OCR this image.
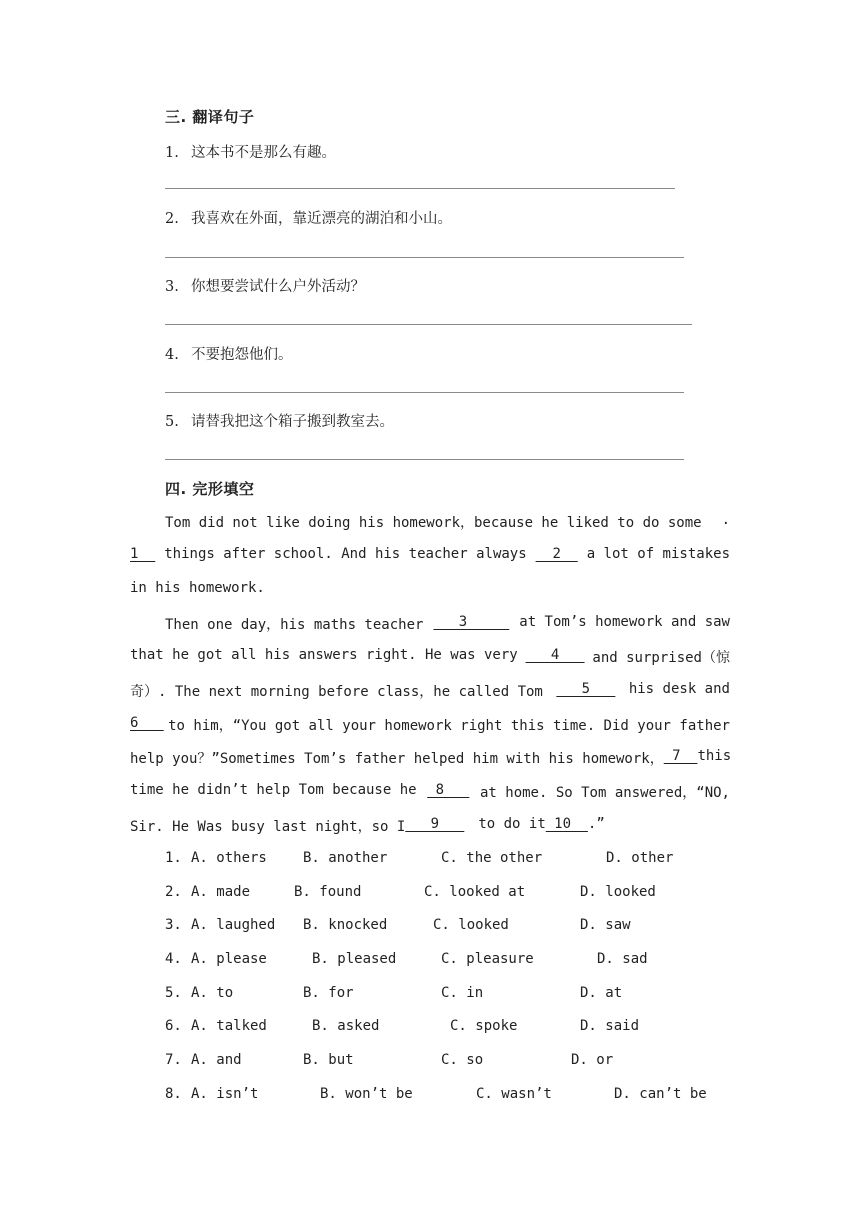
三. 翻译句子
1. 这本书不是那么有趣。
2. 我喜欢在外面，靠近漂亮的湖泊和小山。
3. 你想要尝试什么户外活动？
4. 不要抱怨他们。
5. 请替我把这个箱子搬到教室去。
四. 完形填空
Tom did not like doing his homework，because he liked to do some .
1 things after school. And his teacher always 2 a lot of mistakes
in his homework.
Then one day，his maths teacher 3 at Tom’s homework and saw
that he got all his answers right. He was very 4 and surprised（惊
奇）. The next morning before class，he called Tom 5 his desk and
6 to him，“You got all your homework right this time. Did your father
help you？”Sometimes Tom’s father helped him with his homework， 7 this
time he didn’t help Tom because he 8 at home. So Tom answered，“NO,
Sir. He Was busy last night，so I 9 to do it 10 .”

1.

A. others

	B. another

	C. the other

	D. other

2.

A. made

	B. found

	C. looked at

	D. looked

3.

A. laughed

B. knocked

	C. looked

	D. saw

4.

A. please

	B. pleased

	C. pleasure

	D. sad

5.

A. to

	B. for

	C. in

	D. at

6.

A. talked

	B. asked

	C. spoke

	D. said

7.

A. and

	B. but

	C. so

	D. or

8.

A. isn’t

	B. won’t be

	C. wasn’t

	D. can’t be
